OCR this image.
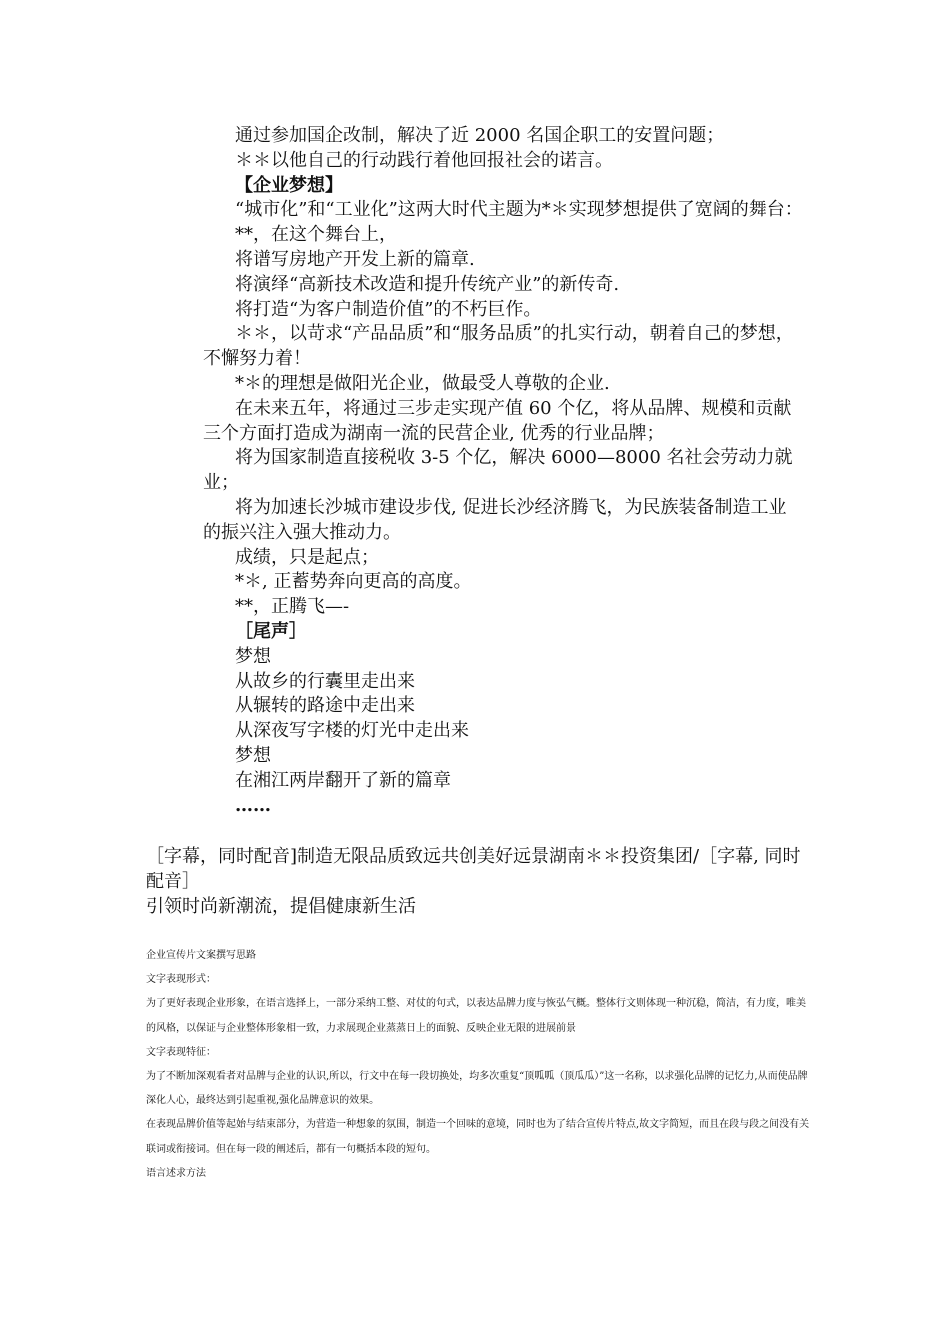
通过参加国企改制，解决了近 2000 名国企职工的安置问题；

＊＊以他自己的行动践行着他回报社会的诺言。

【企业梦想】

“城市化”和“工业化”这两大时代主题为*＊实现梦想提供了宽阔的舞台：

**，在这个舞台上，

将谱写房地产开发上新的篇章.

将演绎“高新技术改造和提升传统产业”的新传奇.

将打造“为客户制造价值”的不朽巨作。

＊＊，以苛求“产品品质”和“服务品质”的扎实行动，朝着自己的梦想，不懈努力着！

*＊的理想是做阳光企业，做最受人尊敬的企业.

在未来五年，将通过三步走实现产值 60 个亿，将从品牌、规模和贡献三个方面打造成为湖南一流的民营企业, 优秀的行业品牌；

将为国家制造直接税收 3-5 个亿，解决 6000—8000 名社会劳动力就业；

将为加速长沙城市建设步伐, 促进长沙经济腾飞，为民族装备制造工业的振兴注入强大推动力。

成绩，只是起点；

*＊, 正蓄势奔向更高的高度。

**，正腾飞—-

［尾声］

梦想

从故乡的行囊里走出来

从辗转的路途中走出来

从深夜写字楼的灯光中走出来

梦想

在湘江两岸翻开了新的篇章

……

［字幕，同时配音]制造无限品质致远共创美好远景湖南＊＊投资集团/［字幕, 同时配音］

引领时尚新潮流，提倡健康新生活

企业宣传片文案撰写思路

文字表现形式：

为了更好表现企业形象，在语言选择上，一部分采纳工整、对仗的句式，以表达品牌力度与恢弘气概。整体行文则体现一种沉稳，简洁，有力度，唯美的风格，以保证与企业整体形象相一致，力求展现企业蒸蒸日上的面貌、反映企业无限的进展前景

文字表现特征：

为了不断加深观看者对品牌与企业的认识,所以，行文中在每一段切换处，均多次重复“顶呱呱（顶瓜瓜）”这一名称，以求强化品牌的记忆力,从而使品牌深化人心，最终达到引起重视,强化品牌意识的效果。

在表现品牌价值等起始与结束部分，为营造一种想象的氛围，制造一个回味的意境，同时也为了结合宣传片特点,故文字简短，而且在段与段之间没有关联词或衔接词。但在每一段的阐述后，都有一句概括本段的短句。

语言述求方法
